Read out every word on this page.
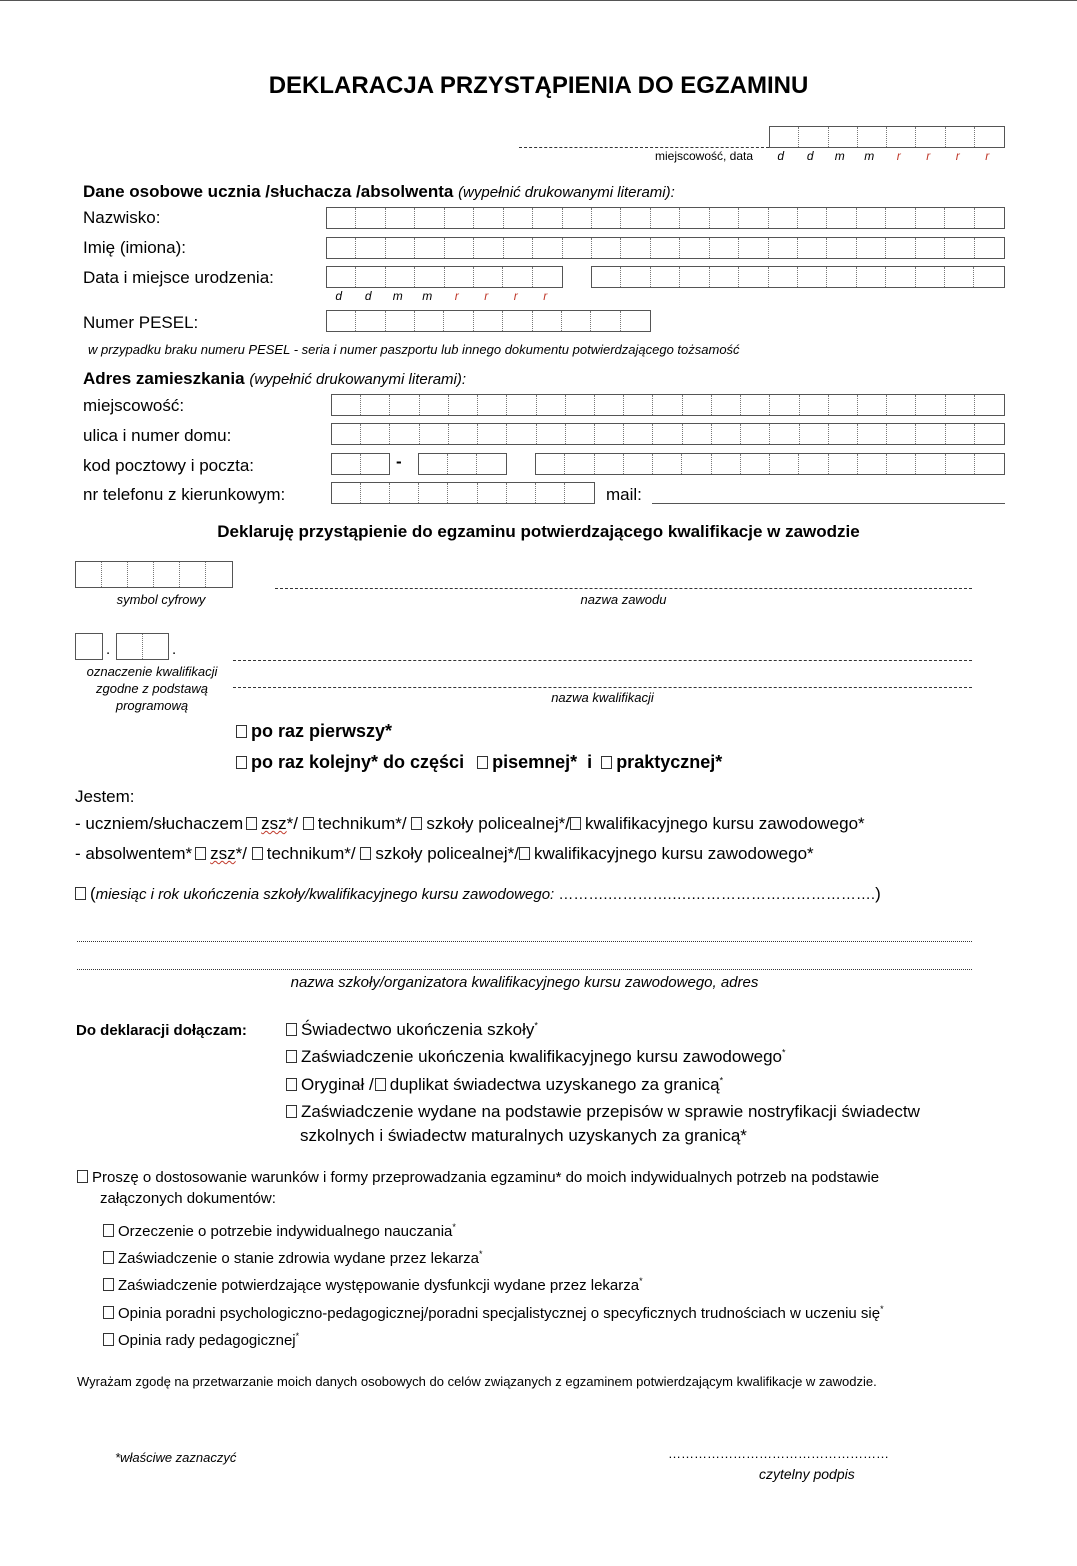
DEKLARACJA PRZYSTĄPIENIA DO EGZAMINU
miejscowość, data	d d m m r r r r
Dane osobowe ucznia /słuchacza /absolwenta (wypełnić drukowanymi literami):
Nazwisko:
Imię (imiona):
Data i miejsce urodzenia:
d d m m r r r r
Numer PESEL:
w przypadku braku numeru PESEL - seria i numer paszportu lub innego dokumentu potwierdzającego tożsamość
Adres zamieszkania (wypełnić drukowanymi literami):
miejscowość:
ulica i numer domu:
kod pocztowy i poczta:	-
nr telefonu z kierunkowym:	mail:
Deklaruję przystąpienie do egzaminu potwierdzającego kwalifikacje w zawodzie
symbol cyfrowy	nazwa zawodu
.	.
oznaczenie kwalifikacji zgodne z podstawą programową
nazwa kwalifikacji
po raz pierwszy*
po raz kolejny* do części pisemnej* i praktycznej*
Jestem:
- uczniem/słuchaczem zsz*/ technikum*/ szkoły policealnej*/ kwalifikacyjnego kursu zawodowego*
- absolwentem* zsz*/ technikum*/ szkoły policealnej*/ kwalifikacyjnego kursu zawodowego*
(miesiąc i rok ukończenia szkoły/kwalifikacyjnego kursu zawodowego: ……….………….….……………………………….)
nazwa szkoły/organizatora kwalifikacyjnego kursu zawodowego, adres
Do deklaracji dołączam:	Świadectwo ukończenia szkoły*
Zaświadczenie ukończenia kwalifikacyjnego kursu zawodowego*
Oryginał / duplikat świadectwa uzyskanego za granicą*
Zaświadczenie wydane na podstawie przepisów w sprawie nostryfikacji świadectw
szkolnych i świadectw maturalnych uzyskanych za granicą*
Proszę o dostosowanie warunków i formy przeprowadzania egzaminu* do moich indywidualnych potrzeb na podstawie
załączonych dokumentów:
Orzeczenie o potrzebie indywidualnego nauczania*
Zaświadczenie o stanie zdrowia wydane przez lekarza*
Zaświadczenie potwierdzające występowanie dysfunkcji wydane przez lekarza*
Opinia poradni psychologiczno-pedagogicznej/poradni specjalistycznej o specyficznych trudnościach w uczeniu się*
Opinia rady pedagogicznej*
Wyrażam zgodę na przetwarzanie moich danych osobowych do celów związanych z egzaminem potwierdzającym kwalifikacje w zawodzie.
*właściwe zaznaczyć	……………………………………………
czytelny podpis
